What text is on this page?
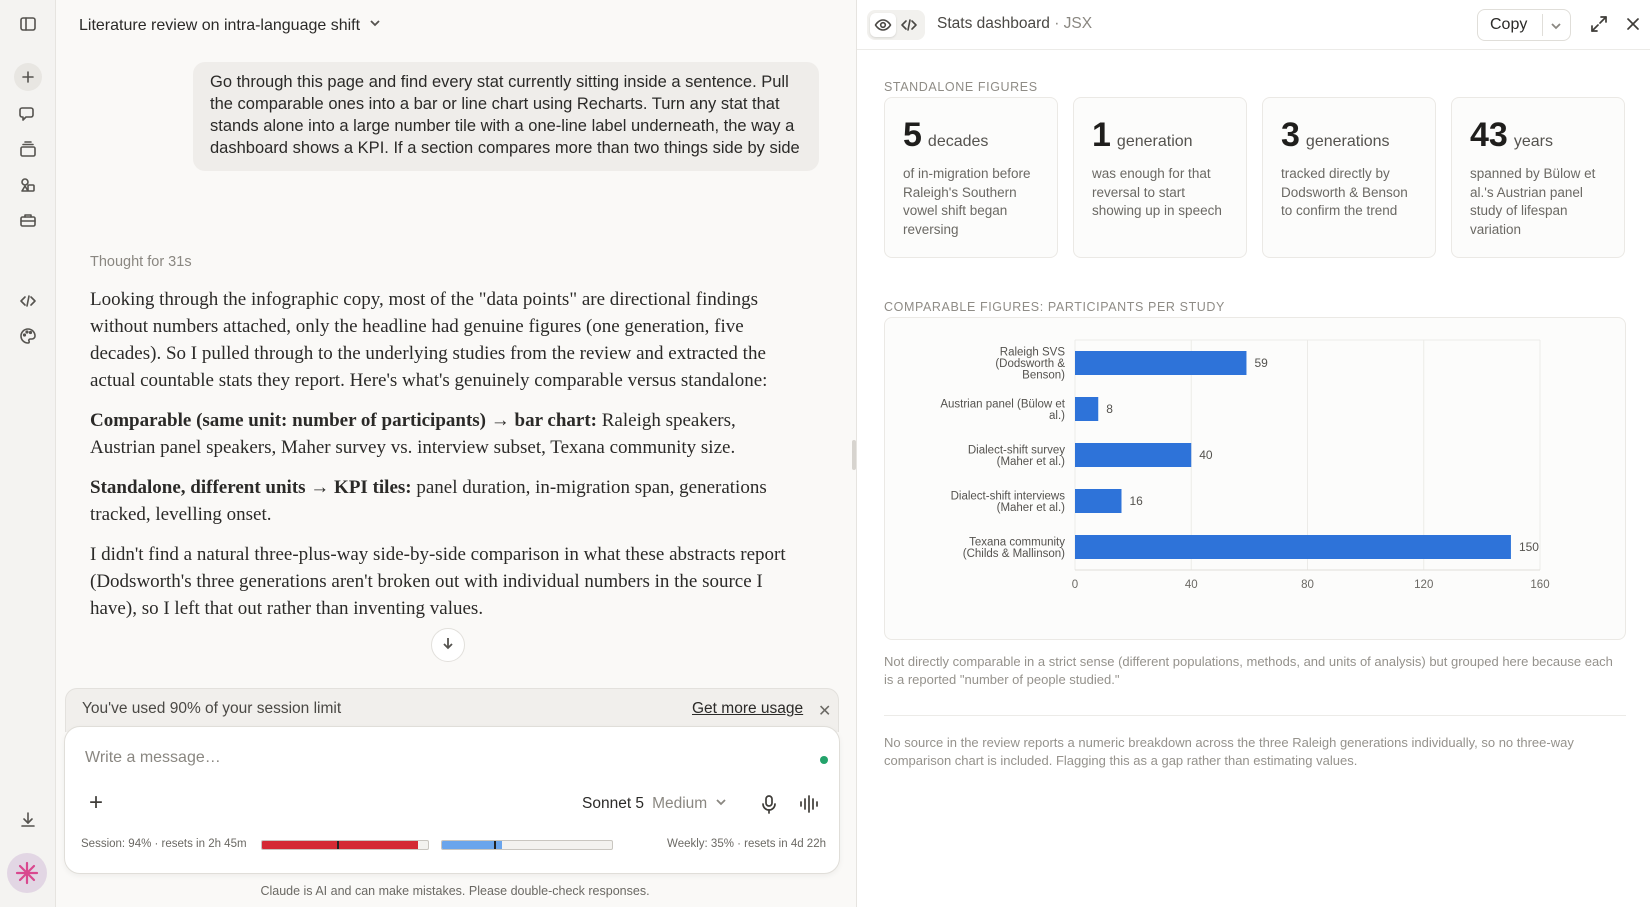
Literature review on intra-language shift
Go through this page and find every stat currently sitting inside a sentence. Pull the comparable ones into a bar or line chart using Recharts. Turn any stat that stands alone into a large number tile with a one-line label underneath, the way a dashboard shows a KPI. If a section compares more than two things side by side
Thought for 31s

Looking through the infographic copy, most of the "data points" are directional findings without numbers attached, only the headline had genuine figures (one generation, five decades). So I pulled through to the underlying studies from the review and extracted the actual countable stats they report. Here's what's genuinely comparable versus standalone:

Comparable (same unit: number of participants) → bar chart: Raleigh speakers, Austrian panel speakers, Maher survey vs. interview subset, Texana community size.

Standalone, different units → KPI tiles: panel duration, in-migration span, generations tracked, levelling onset.

I didn't find a natural three-plus-way side-by-side comparison in what these abstracts report (Dodsworth's three generations aren't broken out with individual numbers in the source I have), so I left that out rather than inventing values.

You've used 90% of your session limit	Get more usage ✕
Write a message…
+	Sonnet 5 Medium
Session: 94% · resets in 2h 45m	Weekly: 35% · resets in 4d 22h
Claude is AI and can make mistakes. Please double-check responses.
Stats dashboard · JSX	Copy
STANDALONE FIGURES
5 decades
of in-migration before Raleigh's Southern vowel shift began reversing
1 generation
was enough for that reversal to start showing up in speech
3 generations
tracked directly by Dodsworth & Benson to confirm the trend
43 years
spanned by Bülow et al.'s Austrian panel study of lifespan variation
COMPARABLE FIGURES: PARTICIPANTS PER STUDY
0	40	80	120	160
59
Raleigh SVS
(Dodsworth &
Benson)
8
Austrian panel (Bülow et
al.)
40
Dialect-shift survey
(Maher et al.)
16
Dialect-shift interviews
(Maher et al.)
150
Texana community
(Childs & Mallinson)
Not directly comparable in a strict sense (different populations, methods, and units of analysis) but grouped here because each is a reported "number of people studied."
No source in the review reports a numeric breakdown across the three Raleigh generations individually, so no three-way comparison chart is included. Flagging this as a gap rather than estimating values.
